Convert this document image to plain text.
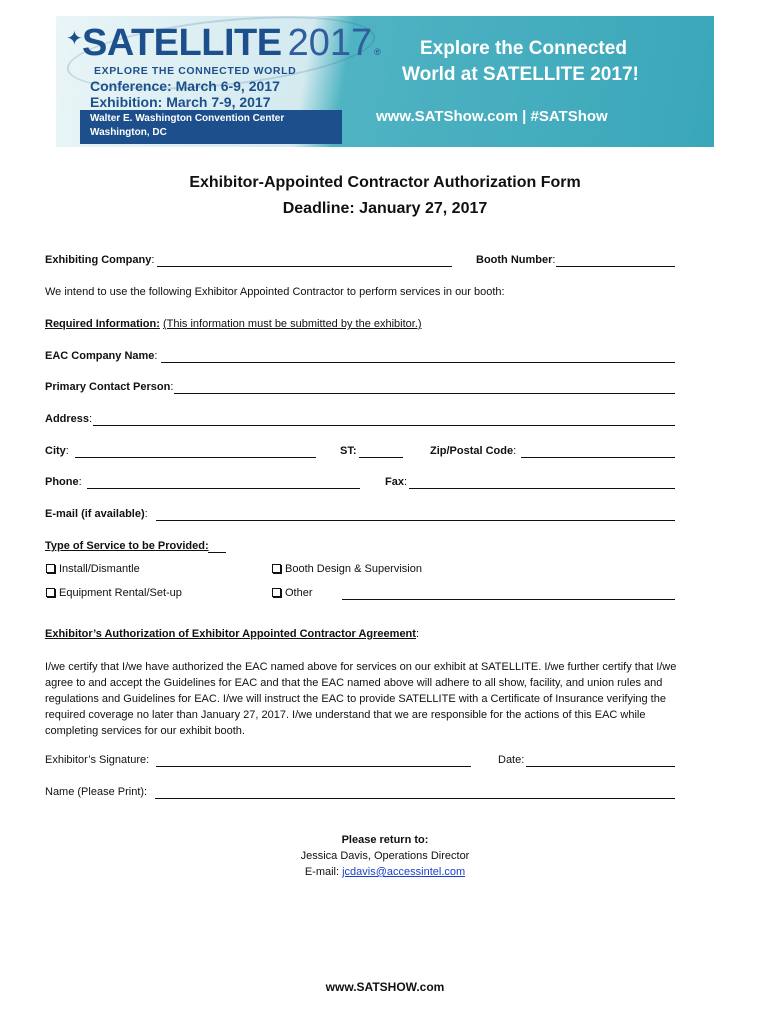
✦ SATELLITE 2017 ®
EXPLORE THE CONNECTED WORLD
Conference: March 6-9, 2017
Exhibition: March 7-9, 2017
Walter E. Washington Convention Center
Washington, DC
Explore the Connected
World at SATELLITE 2017!
www.SATShow.com | #SATShow
Exhibitor-Appointed Contractor Authorization Form
Deadline: January 27, 2017
Exhibiting Company:	Booth Number:
We intend to use the following Exhibitor Appointed Contractor to perform services in our booth:
Required Information: (This information must be submitted by the exhibitor.)
EAC Company Name:
Primary Contact Person:
Address:
City:	ST:	Zip/Postal Code:
Phone:	Fax:
E-mail (if available):
Type of Service to be Provided:
Install/Dismantle	Booth Design & Supervision
Equipment Rental/Set-up	Other
Exhibitor’s Authorization of Exhibitor Appointed Contractor Agreement:
I/we certify that I/we have authorized the EAC named above for services on our exhibit at SATELLITE. I/we further certify that I/we
agree to and accept the Guidelines for EAC and that the EAC named above will adhere to all show, facility, and union rules and
regulations and Guidelines for EAC. I/we will instruct the EAC to provide SATELLITE with a Certificate of Insurance verifying the
required coverage no later than January 27, 2017. I/we understand that we are responsible for the actions of this EAC while
completing services for our exhibit booth.
Exhibitor’s Signature:	Date:
Name (Please Print):
Please return to:
Jessica Davis, Operations Director
E-mail: jcdavis@accessintel.com
www.SATSHOW.com
